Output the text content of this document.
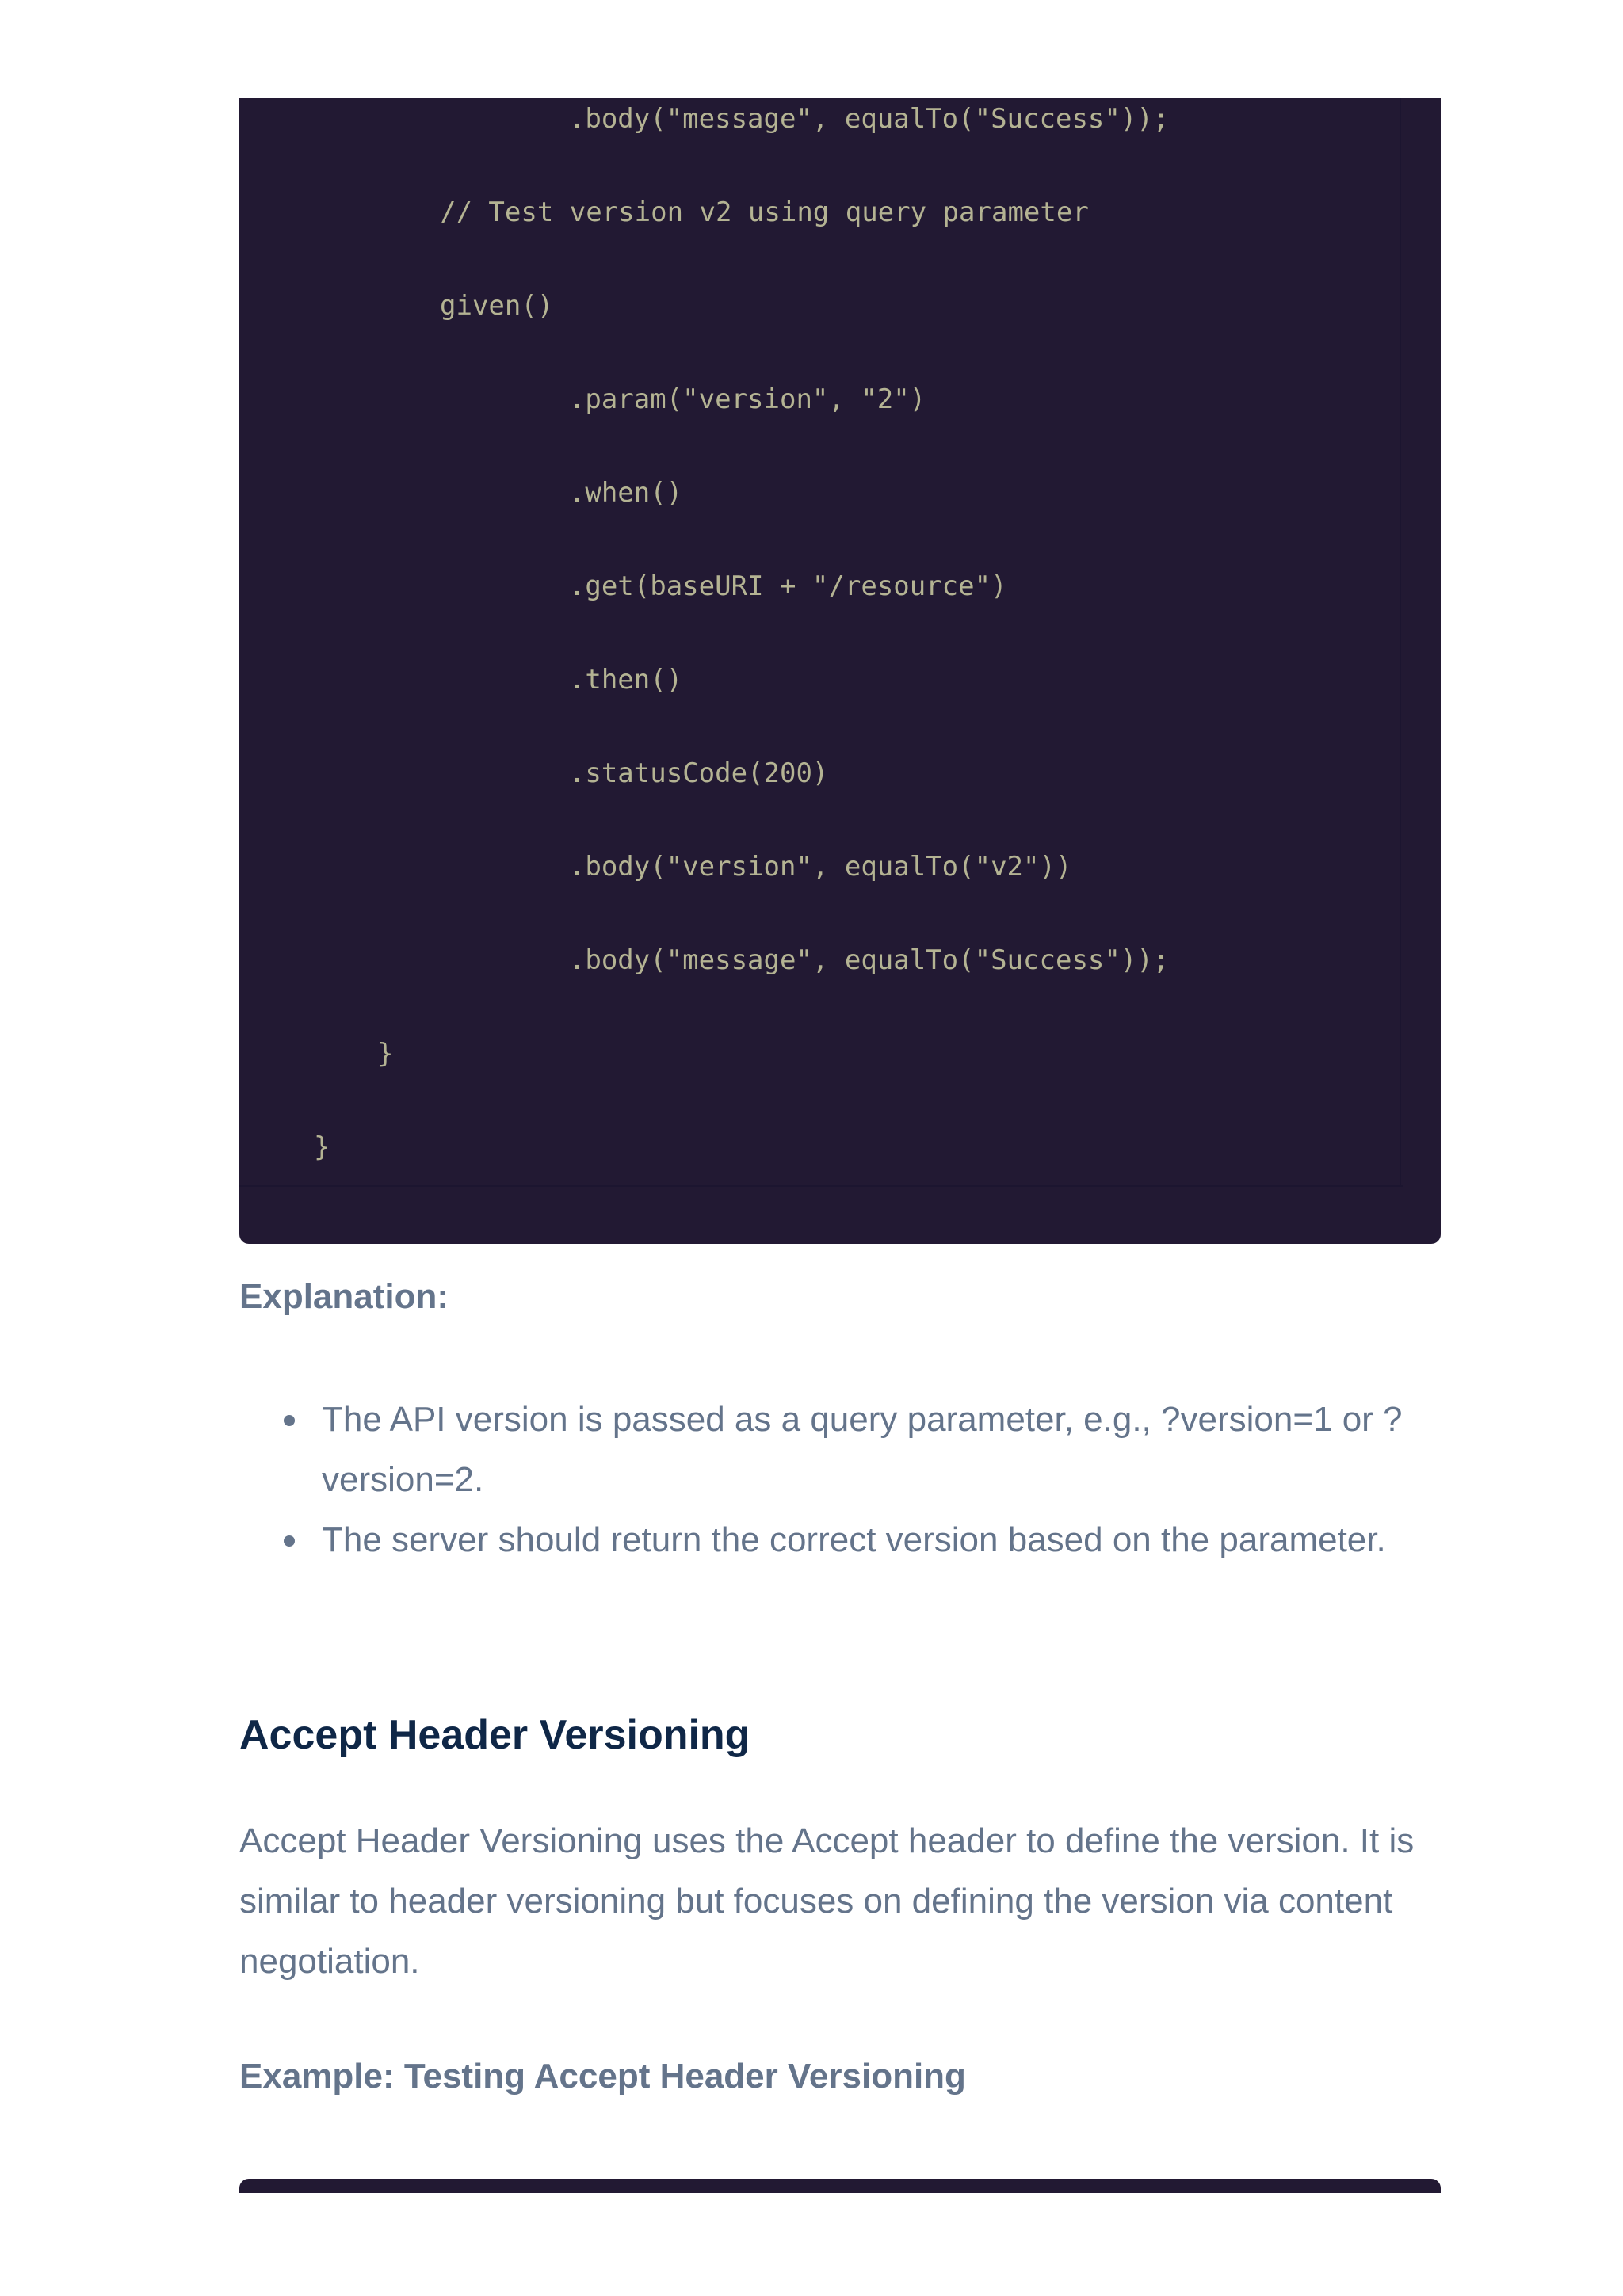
.body("message", equalTo("Success"));
// Test version v2 using query parameter
given()
.param("version", "2")
.when()
.get(baseURI + "/resource")
.then()
.statusCode(200)
.body("version", equalTo("v2"))
.body("message", equalTo("Success"));
}
}
Explanation:
The API version is passed as a query parameter, e.g., ?version=1 or ?version=2.
The server should return the correct version based on the parameter.
Accept Header Versioning

Accept Header Versioning uses the Accept header to define the version. It is similar to header versioning but focuses on defining the version via content negotiation.

Example: Testing Accept Header Versioning
